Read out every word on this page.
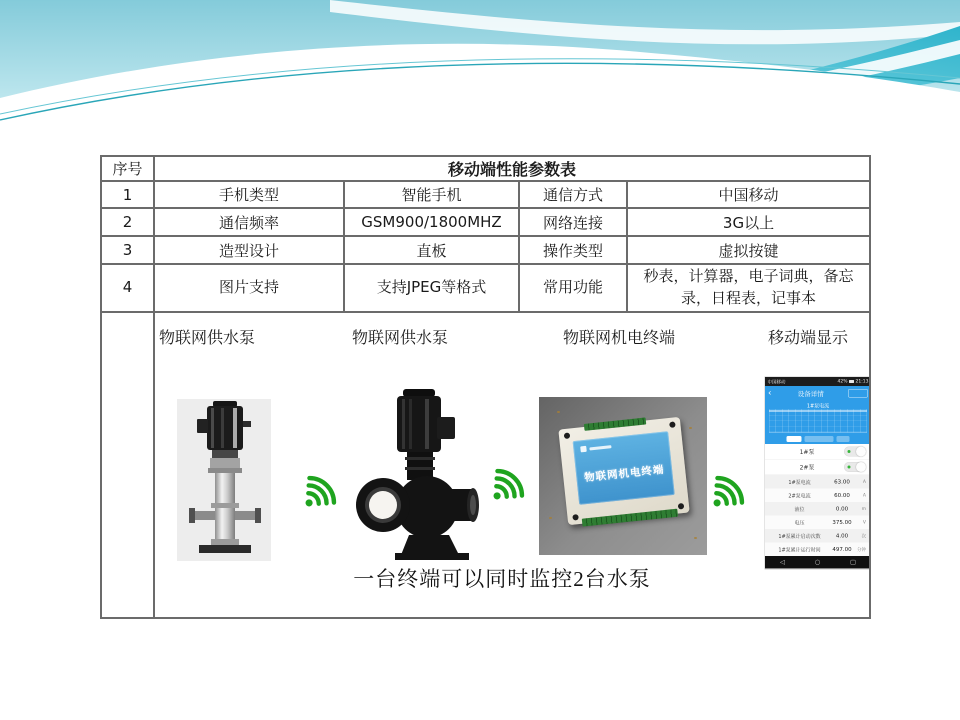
序号	移动端性能参数表			
1	手机类型	智能手机	通信方式	中国移动
2	通信频率	GSM900/1800MHZ	网络连接	3G以上
3	造型设计	直板	操作类型	虚拟按键
4	图片支持	支持JPEG等格式	常用功能	秒表，计算器，电子词典，备忘录，日程表，记事本

物联网供水泵	物联网供水泵	物联网机电终端	移动端显示
物联网机电终端
中国移动	42% 21:13
‹	设备详情
1#泵电流
1#泵
2#泵
1#泵电流	63.00	A
2#泵电流	60.00	A
液位	0.00	m
电压	375.00	V
1#泵累计启动次数	4.00	次
1#泵累计运行时间	497.00 分钟
◁ ○ ▢
一台终端可以同时监控2台水泵
